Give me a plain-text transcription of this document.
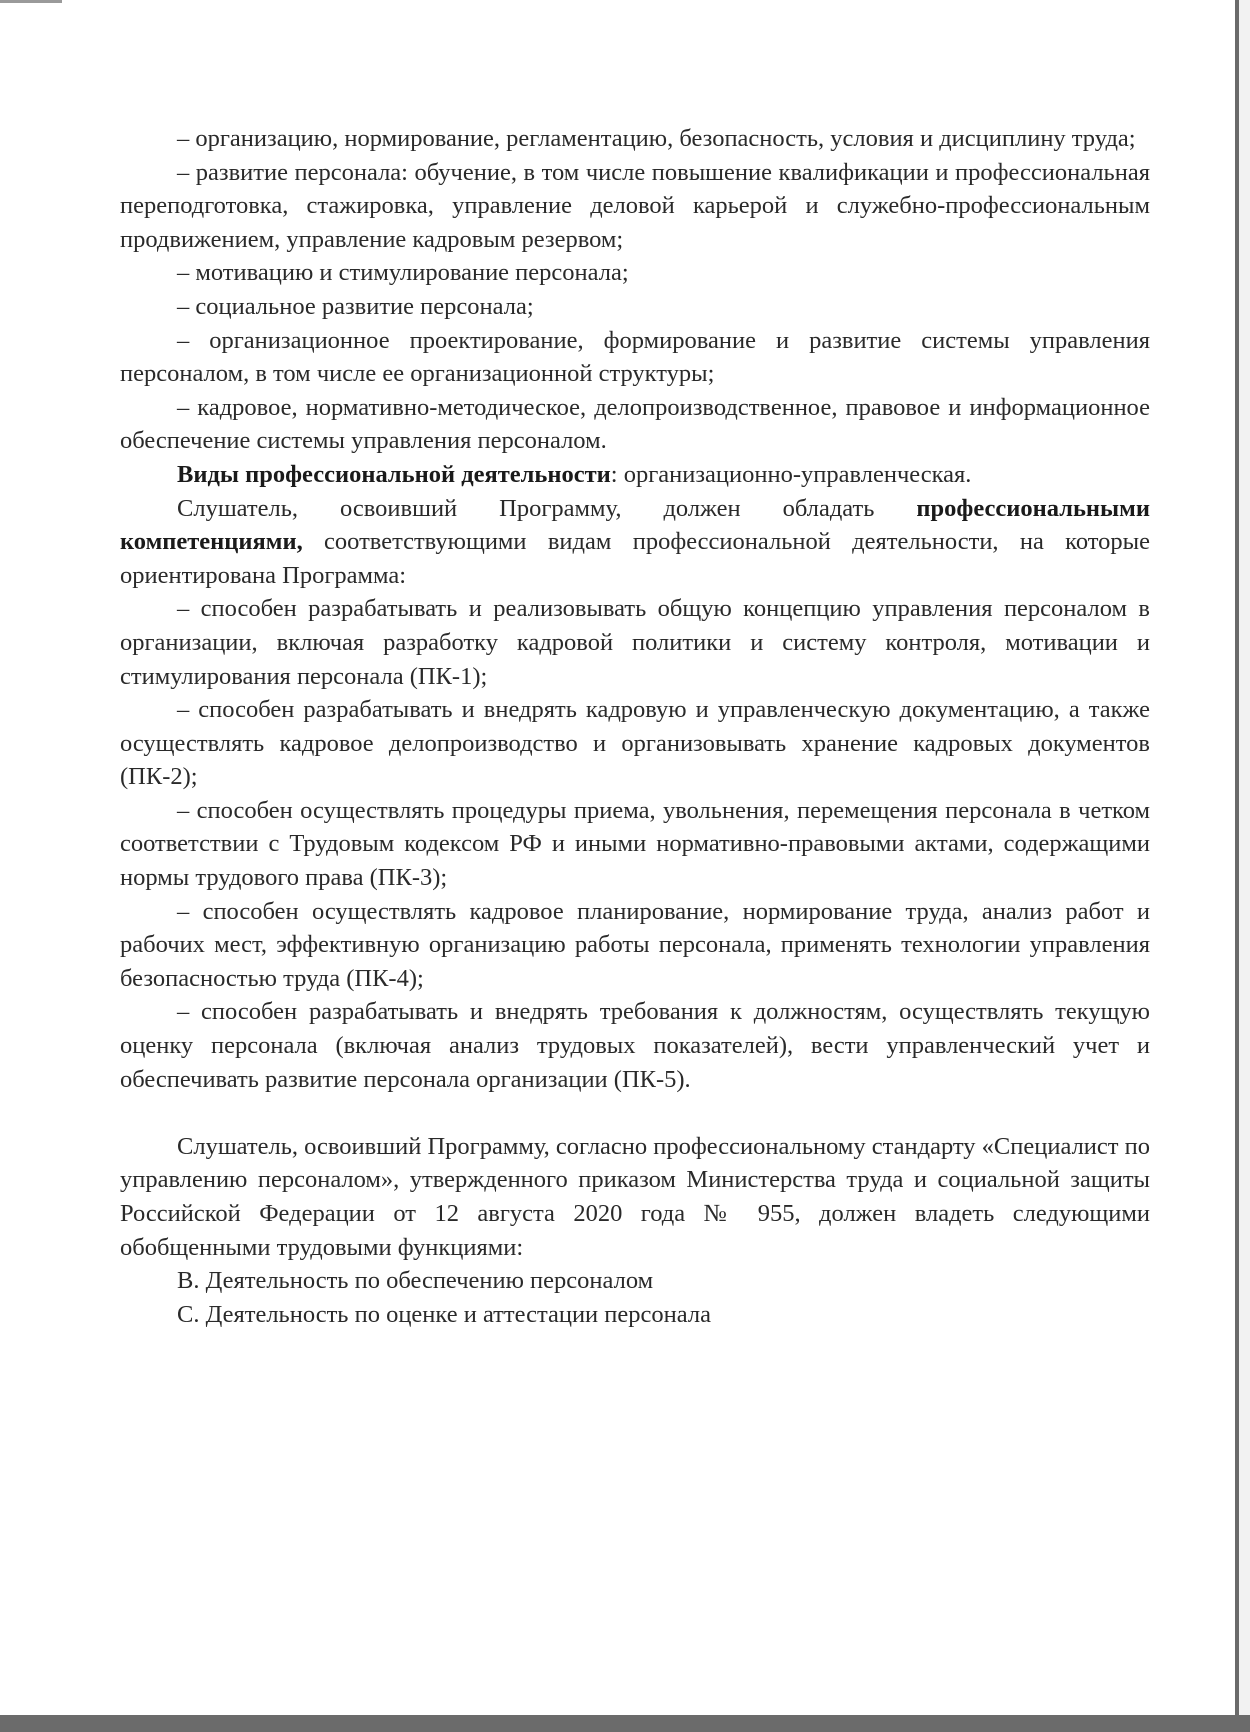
– организацию, нормирование, регламентацию, безопасность, условия и дисциплину труда;

– развитие персонала: обучение, в том числе повышение квалификации и профессиональная переподготовка, стажировка, управление деловой карьерой и служебно-профессиональным продвижением, управление кадровым резервом;

– мотивацию и стимулирование персонала;

– социальное развитие персонала;

– организационное проектирование, формирование и развитие системы управления персоналом, в том числе ее организационной структуры;

– кадровое, нормативно-методическое, делопроизводственное, правовое и информационное обеспечение системы управления персоналом.

Виды профессиональной деятельности: организационно-управленческая.

Слушатель, освоивший Программу, должен обладать профессиональными компетенциями, соответствующими видам профессиональной деятельности, на которые ориентирована Программа:

– способен разрабатывать и реализовывать общую концепцию управления персоналом в организации, включая разработку кадровой политики и систему контроля, мотивации и стимулирования персонала (ПК-1);

– способен разрабатывать и внедрять кадровую и управленческую документацию, а также осуществлять кадровое делопроизводство и организовывать хранение кадровых документов (ПК-2);

– способен осуществлять процедуры приема, увольнения, перемещения персонала в четком соответствии с Трудовым кодексом РФ и иными нормативно-правовыми актами, содержащими нормы трудового права (ПК-3);

– способен осуществлять кадровое планирование, нормирование труда, анализ работ и рабочих мест, эффективную организацию работы персонала, применять технологии управления безопасностью труда (ПК-4);

– способен разрабатывать и внедрять требования к должностям, осуществлять текущую оценку персонала (включая анализ трудовых показателей), вести управленческий учет и обеспечивать развитие персонала организации (ПК-5).

Слушатель, освоивший Программу, согласно профессиональному стандарту «Специалист по управлению персоналом», утвержденного приказом Министерства труда и социальной защиты Российской Федерации от 12 августа 2020 года № 955, должен владеть следующими обобщенными трудовыми функциями:

B. Деятельность по обеспечению персоналом

C. Деятельность по оценке и аттестации персонала
